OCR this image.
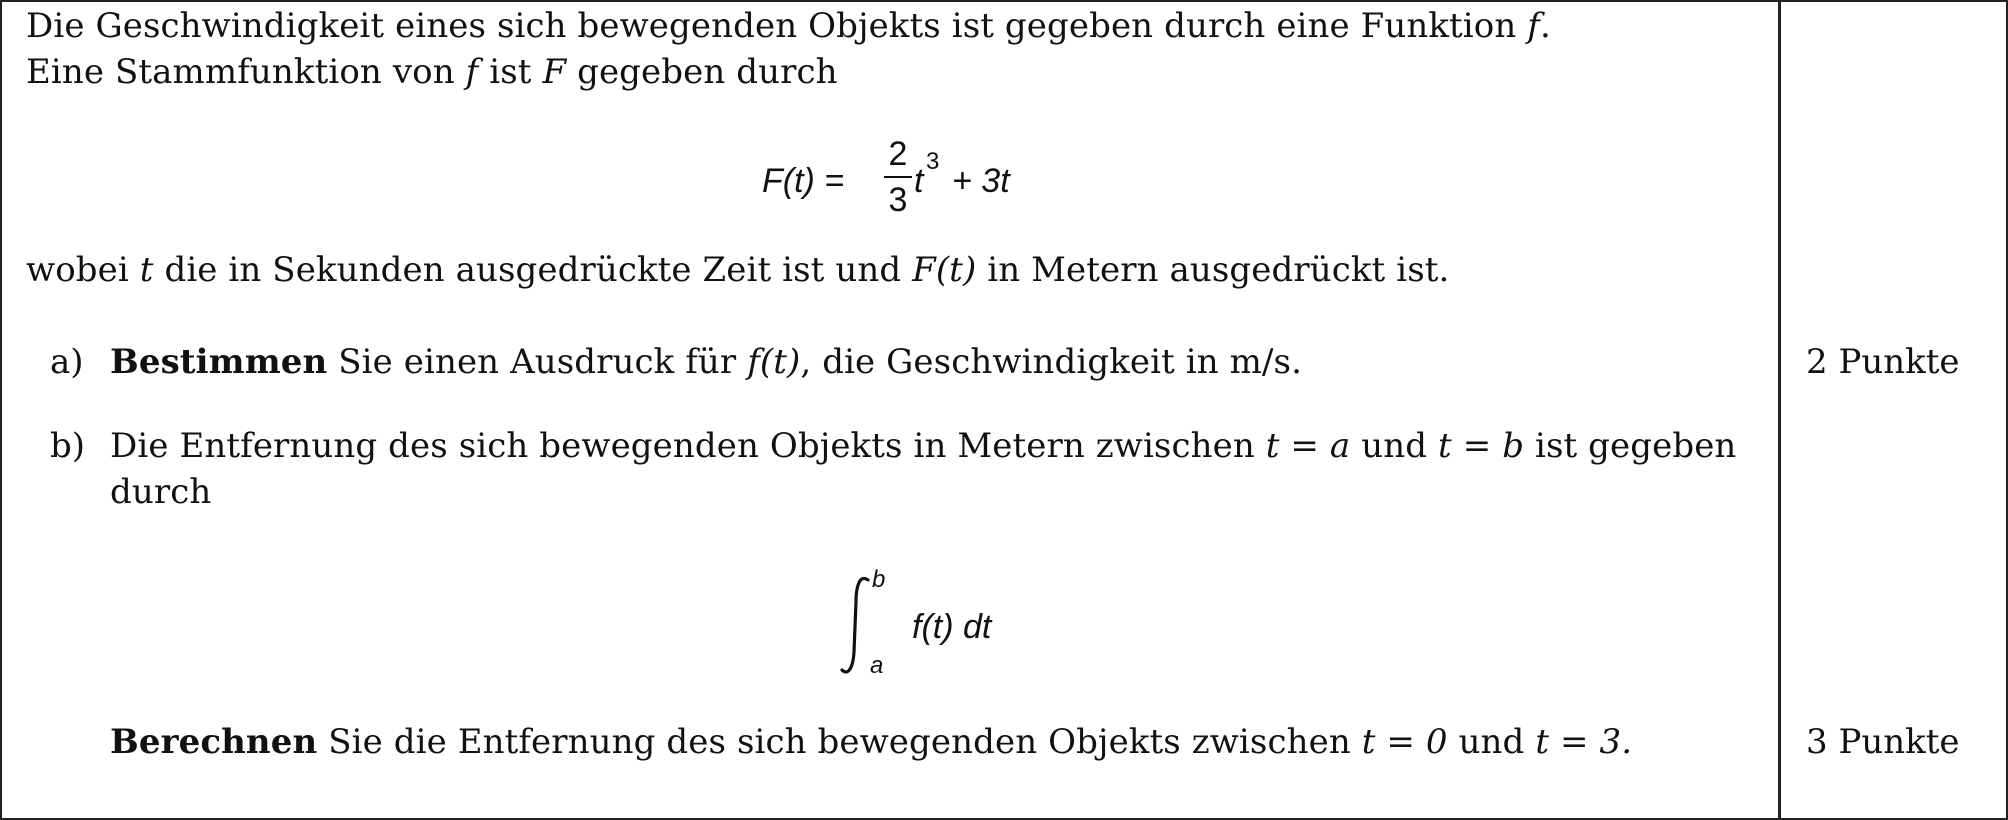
Die Geschwindigkeit eines sich bewegenden Objekts ist gegeben durch eine Funktion f.
Eine Stammfunktion von f ist F gegeben durch
F(t) =
2
3 t
3
+ 3t
wobei t die in Sekunden ausgedrückte Zeit ist und F(t) in Metern ausgedrückt ist.
a) Bestimmen Sie einen Ausdruck für f(t), die Geschwindigkeit in m/s.	2 Punkte
b) Die Entfernung des sich bewegenden Objekts in Metern zwischen t = a und t = b ist gegeben
durch
b
a
f(t) dt
Berechnen Sie die Entfernung des sich bewegenden Objekts zwischen t = 0 und t = 3.	3 Punkte
